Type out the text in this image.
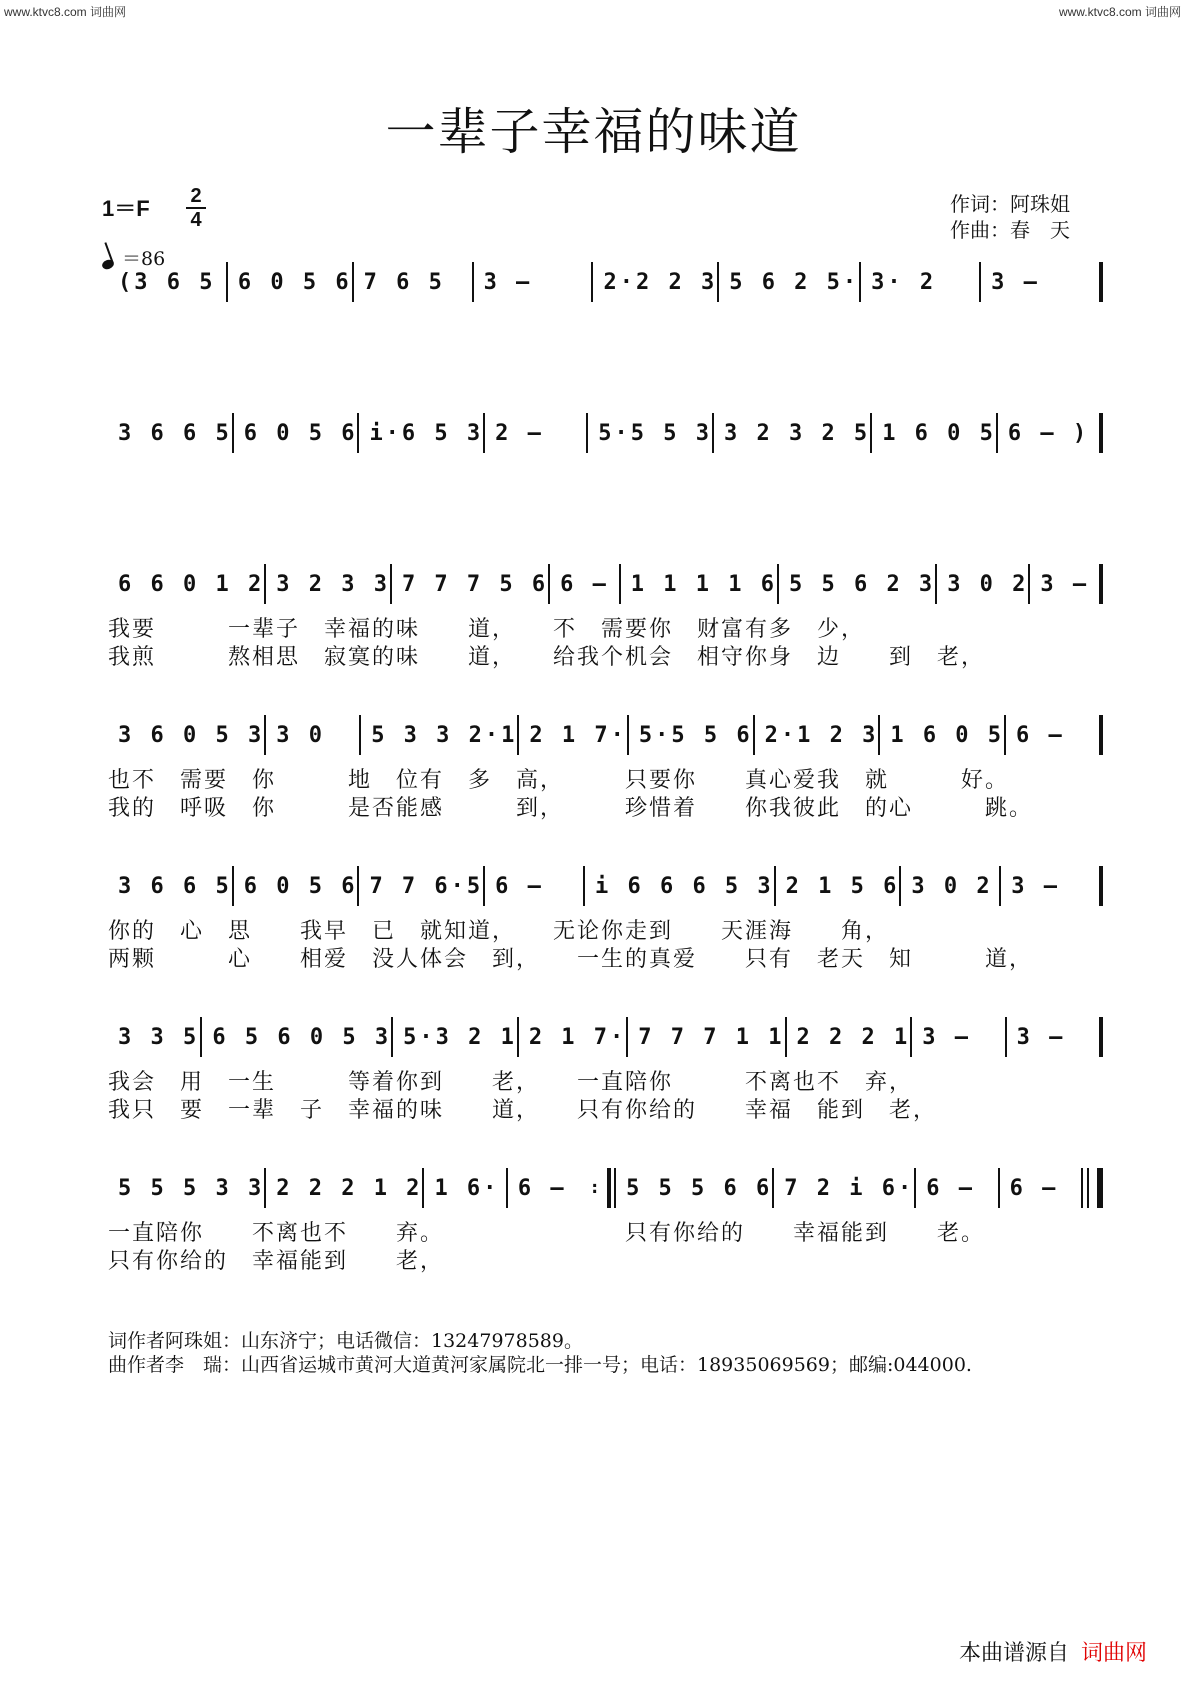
www.ktvc8.com 词曲网	www.ktvc8.com 词曲网
一辈子幸福的味道
1＝F 2
4
＝86
作词：阿珠姐
作曲：春　天
(3 6 5	6 0 5 6 7 6 5	3 –	2·2 2 3 5 6 2 5· 3· 2	3 –
3 6 6 5 6 0 5 6 i·6 5 3 2 –	5·5 5 3 3 2 3 2 5 1 6 0 5 6 – )
6 6 0 1 2 3 2 3 3 7 7 7 5 6 6 – 1 1 1 1 6 5 5 6 2 3 3 0 2 3 –
我要　　　一辈子　幸福的味　　道，　　不　需要你　财富有多　少，
我煎　　　熬相思　寂寞的味　　道，　　给我个机会　相守你身　边　　到　老，
3 6 0 5 3 3 0	5 3 3 2·1 2 1 7· 5·5 5 6 2·1 2 3 1 6 0 5 6 –
也不　需要　你　　　地　位有　多　高，　　　只要你　　真心爱我　就　　　好。
我的　呼吸　你　　　是否能感　　　到，　　　珍惜着　　你我彼此　的心　　　跳。
3 6 6 5 6 0 5 6 7 7 6·5 6 –	i 6 6 6 5 3 2 1 5 6 3 0 2 3 –
你的　心　思　　我早　已　就知道，　　无论你走到　　天涯海　　角，
两颗　　　心　　相爱　没人体会　到，　　一生的真爱　　只有　老天　知　　　道，
3 3 5 6 5 6 0 5 3 5·3 2 1 2 1 7· 7 7 7 1 1 2 2 2 1 3 –	3 –
我会　用　一生　　　等着你到　　老，　　一直陪你　　　不离也不　弃，
我只　要　一辈　子　幸福的味　　道，　　只有你给的　　幸福　能到　老，
5 5 5 3 3 2 2 2 1 2 1 6· 6 –	:	5 5 5 6 6 7 2 i 6· 6 –	6 –
一直陪你　　不离也不　　弃。　　　　　　　　只有你给的　　幸福能到　　老。
只有你给的　幸福能到　　老，
词作者阿珠姐：山东济宁；电话微信：13247978589。
曲作者李　瑞：山西省运城市黄河大道黄河家属院北一排一号；电话：18935069569；邮编:044000.
本曲谱源自 词曲网
